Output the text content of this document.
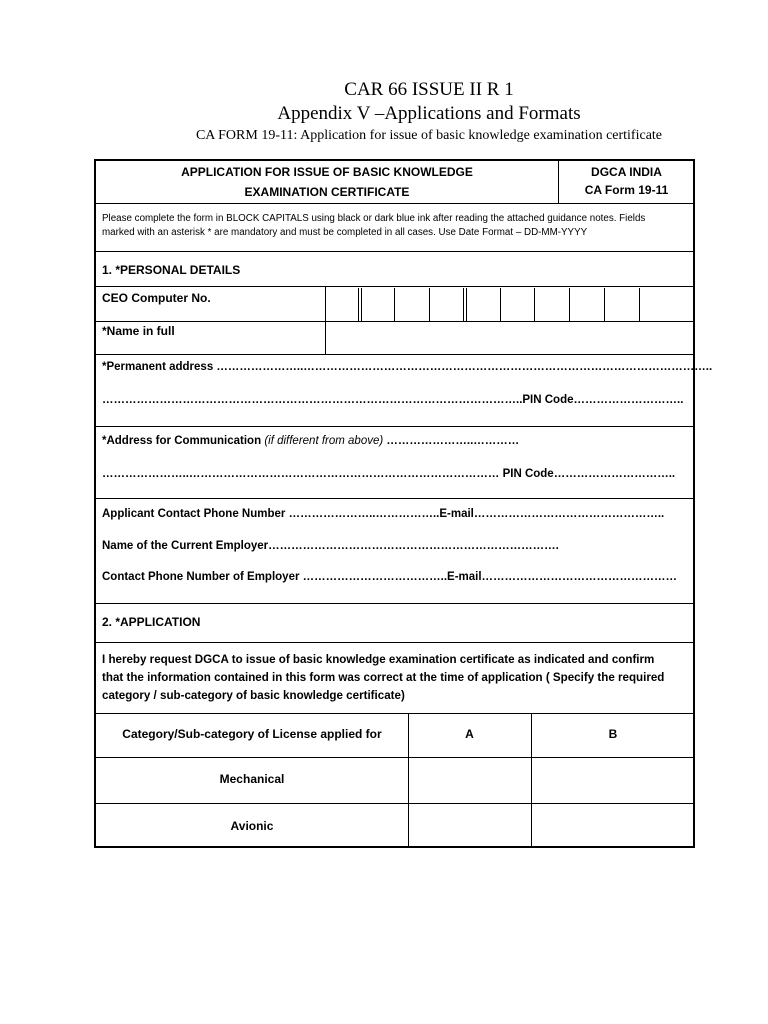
CAR 66 ISSUE II R 1
Appendix V –Applications and Formats
CA FORM 19-11: Application for issue of basic knowledge examination certificate
APPLICATION FOR ISSUE OF BASIC KNOWLEDGE
EXAMINATION CERTIFICATE
DGCA INDIA
CA Form 19-11
Please complete the form in BLOCK CAPITALS using black or dark blue ink after reading the attached guidance notes. Fields
marked with an asterisk * are mandatory and must be completed in all cases. Use Date Format – DD-MM-YYYY
1. *PERSONAL DETAILS
CEO Computer No.
*Name in full
*Permanent address …………………..……………………………………………………………………………………………..
………………………………………………………………………………………………..PIN Code………………………..
*Address for Communication (if different from above) …………………..…………
…………………..……………………………………………………………………… PIN Code…………………………..
Applicant Contact Phone Number …………………..……………..E-mail…………………………………………..
Name of the Current Employer………………………………………………………………….
Contact Phone Number of Employer ………………………………..E-mail……………………………………………
2. *APPLICATION
I hereby request DGCA to issue of basic knowledge examination certificate as indicated and confirm
that the information contained in this form was correct at the time of application ( Specify the required
category / sub-category of basic knowledge certificate)
Category/Sub-category of License applied for	A	B
Mechanical
Avionic
